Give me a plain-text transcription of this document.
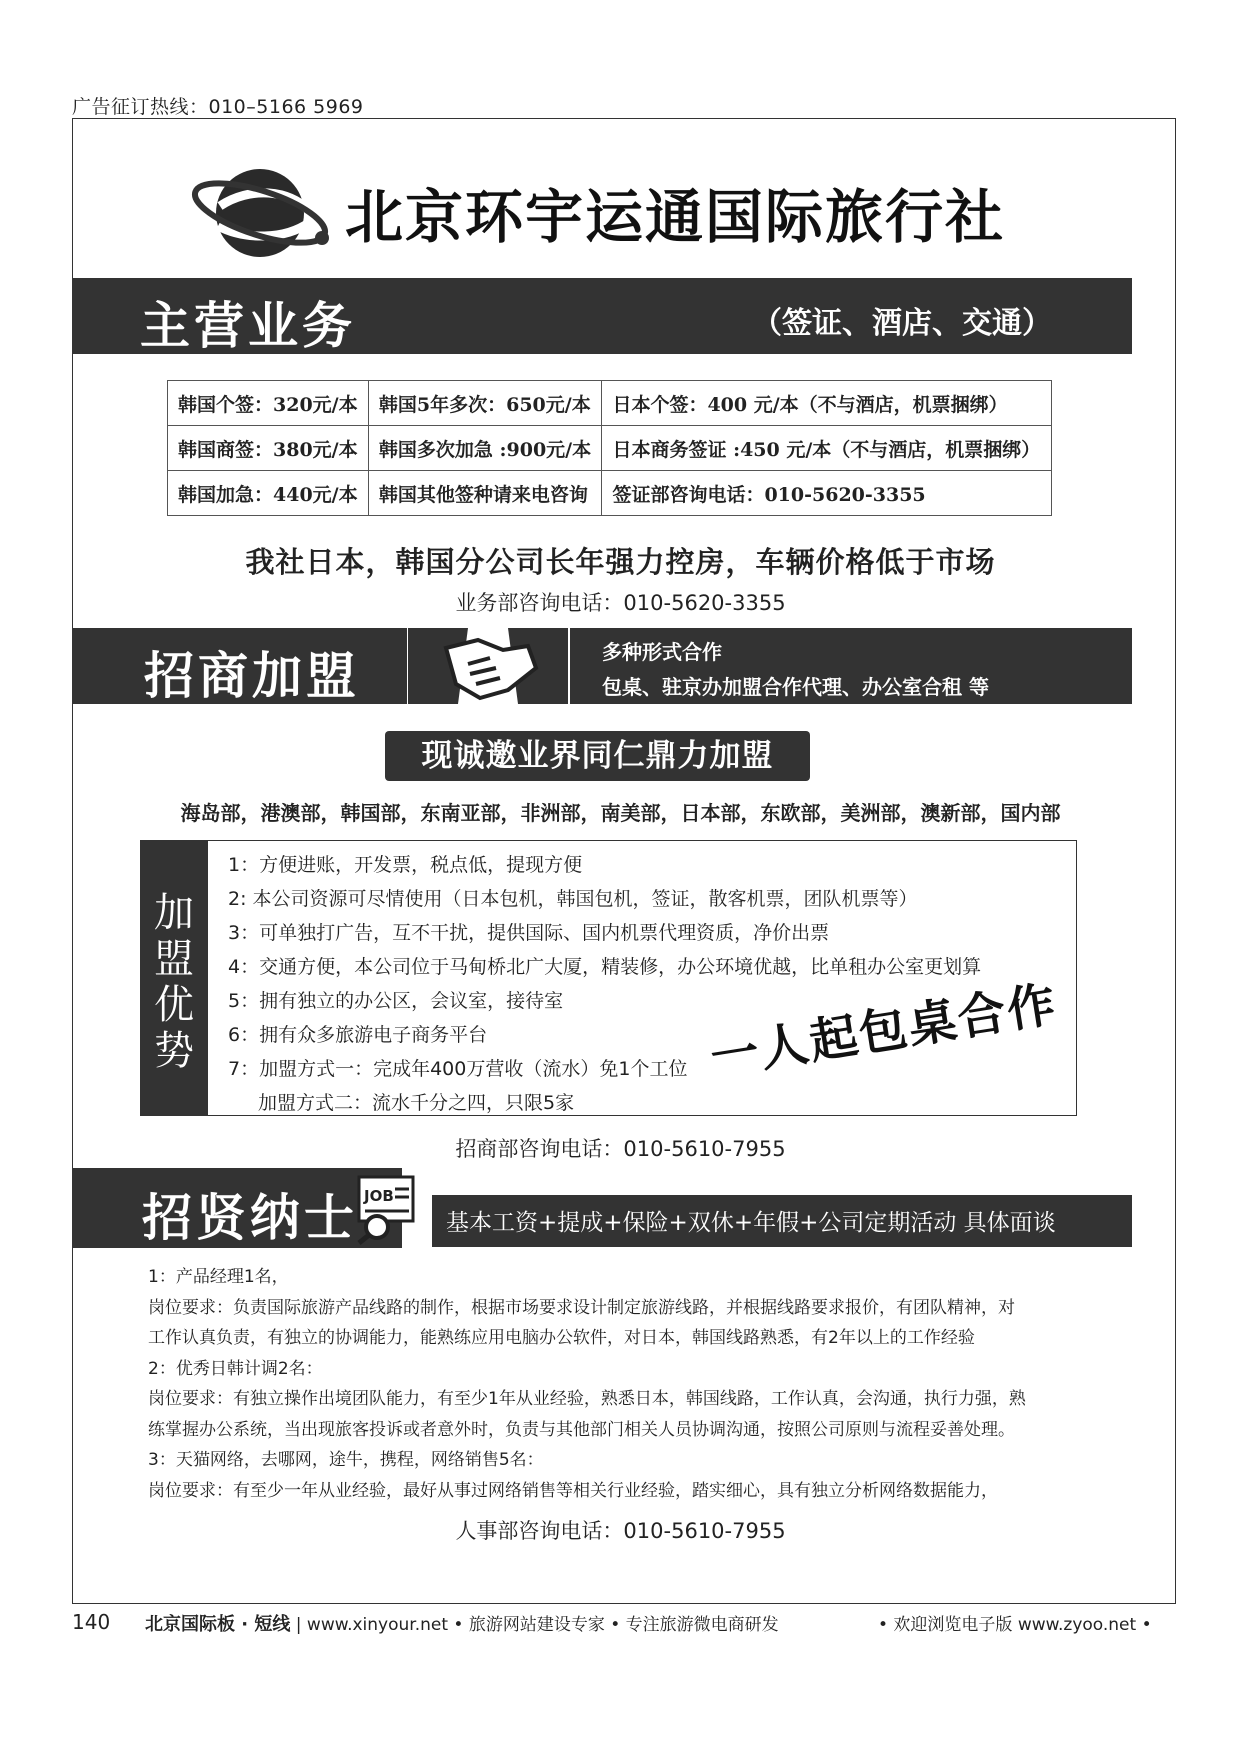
广告征订热线：010–5166 5969
北京环宇运通国际旅行社
主营业务	（签证、酒店、交通）
韩国个签：320元/本	韩国5年多次：650元/本	日本个签：400 元/本（不与酒店，机票捆绑）
韩国商签：380元/本	韩国多次加急 :900元/本	日本商务签证 :450 元/本（不与酒店，机票捆绑）
韩国加急：440元/本	韩国其他签种请来电咨询	签证部咨询电话：010-5620-3355
我社日本，韩国分公司长年强力控房，车辆价格低于市场
业务部咨询电话：010-5620-3355
招商加盟	多种形式合作
包桌、驻京办加盟合作代理、办公室合租 等
现诚邀业界同仁鼎力加盟
海岛部，港澳部，韩国部，东南亚部，非洲部，南美部，日本部，东欧部，美洲部，澳新部，国内部
加盟优势
1：方便进账，开发票，税点低，提现方便
2: 本公司资源可尽情使用（日本包机，韩国包机，签证，散客机票，团队机票等）
3：可单独打广告，互不干扰，提供国际、国内机票代理资质，净价出票
4：交通方便，本公司位于马甸桥北广大厦，精装修，办公环境优越，比单租办公室更划算
5：拥有独立的办公区，会议室，接待室
6：拥有众多旅游电子商务平台
7：加盟方式一：完成年400万营收（流水）免1个工位
加盟方式二：流水千分之四，只限5家
一人起包桌合作
招商部咨询电话：010-5610-7955
招贤纳士 JOB
基本工资+提成+保险+双休+年假+公司定期活动 具体面谈
1：产品经理1名，
岗位要求：负责国际旅游产品线路的制作，根据市场要求设计制定旅游线路，并根据线路要求报价，有团队精神，对
工作认真负责，有独立的协调能力，能熟练应用电脑办公软件，对日本，韩国线路熟悉，有2年以上的工作经验
2：优秀日韩计调2名：
岗位要求：有独立操作出境团队能力，有至少1年从业经验，熟悉日本，韩国线路，工作认真，会沟通，执行力强，熟
练掌握办公系统，当出现旅客投诉或者意外时，负责与其他部门相关人员协调沟通，按照公司原则与流程妥善处理。
3：天猫网络，去哪网，途牛，携程，网络销售5名：
岗位要求：有至少一年从业经验，最好从事过网络销售等相关行业经验，踏实细心，具有独立分析网络数据能力，
人事部咨询电话：010-5610-7955
140 北京国际板 · 短线 | www.xinyour.net • 旅游网站建设专家 • 专注旅游微电商研发	• 欢迎浏览电子版 www.zyoo.net •
